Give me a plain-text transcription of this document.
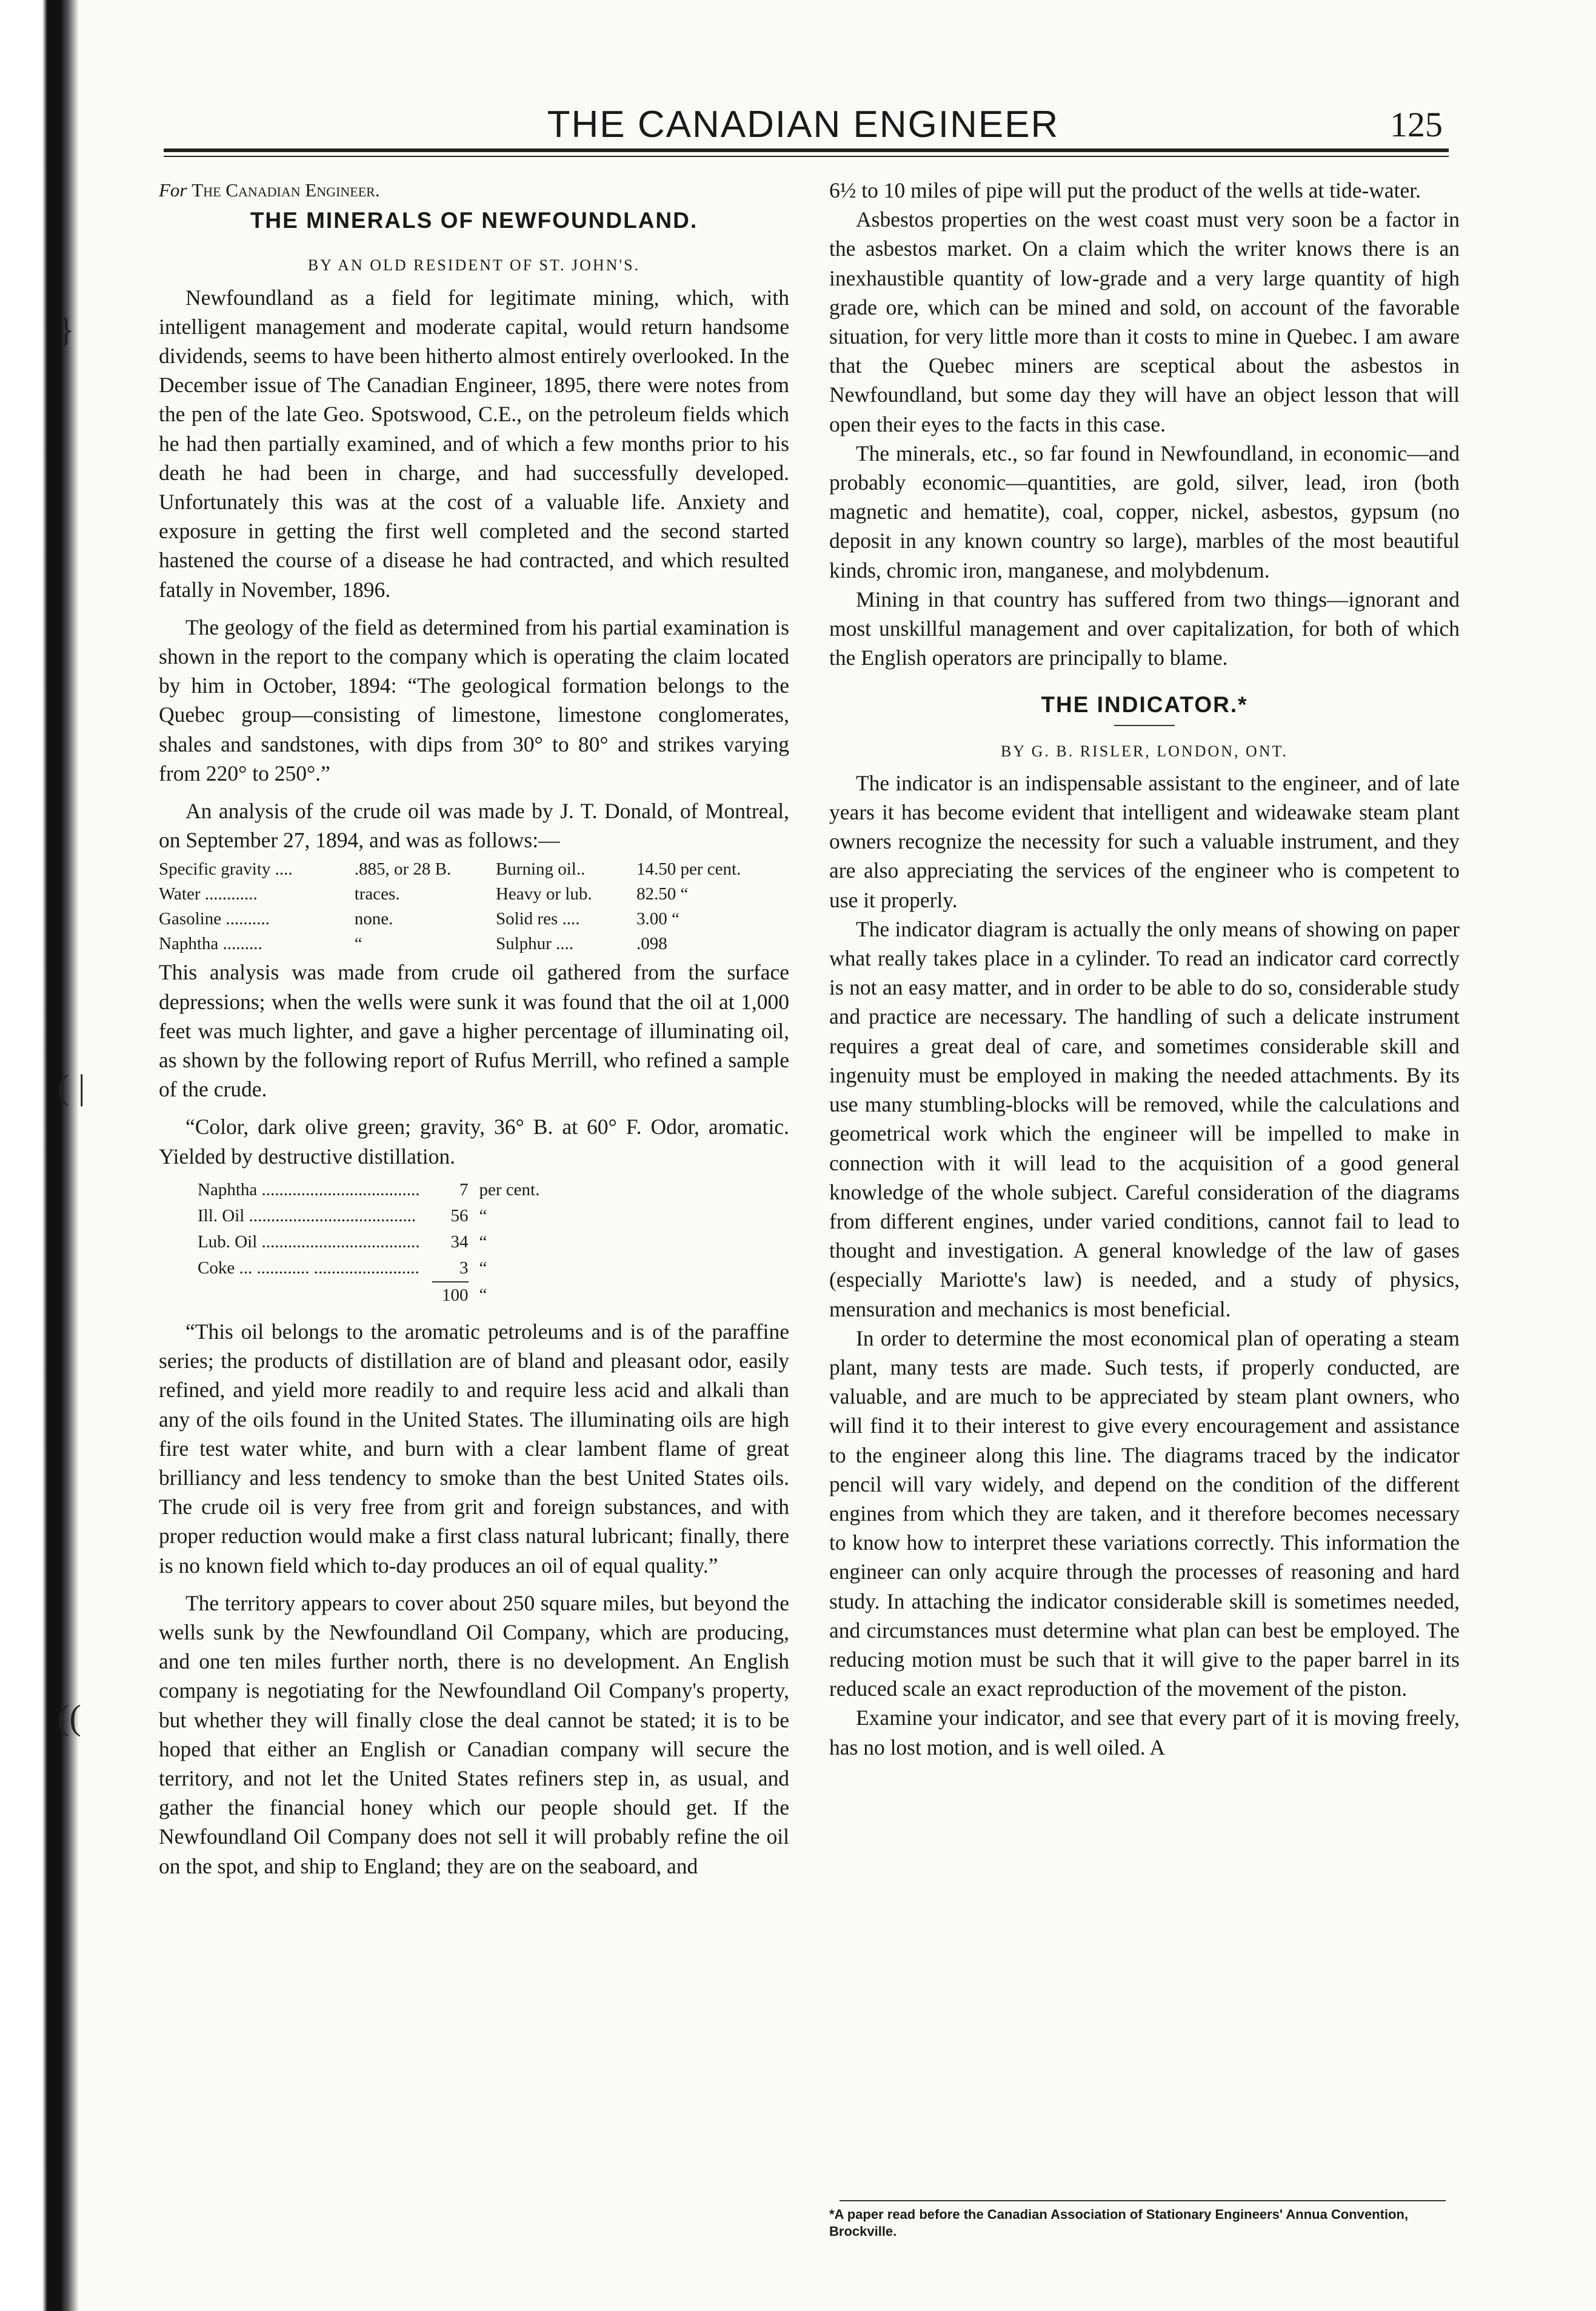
}
( |
((
THE CANADIAN ENGINEER	125

For The Canadian Engineer.

THE MINERALS OF NEWFOUNDLAND.

BY AN OLD RESIDENT OF ST. JOHN'S.

Newfoundland as a field for legitimate mining, which, with intelligent management and moderate capital, would return handsome dividends, seems to have been hitherto almost entirely overlooked. In the December issue of The Canadian Engineer, 1895, there were notes from the pen of the late Geo. Spotswood, C.E., on the petroleum fields which he had then partially examined, and of which a few months prior to his death he had been in charge, and had successfully developed. Unfortunately this was at the cost of a valuable life. Anxiety and exposure in getting the first well completed and the second started hastened the course of a disease he had contracted, and which resulted fatally in November, 1896.

The geology of the field as determined from his partial examination is shown in the report to the company which is operating the claim located by him in October, 1894: “The geological formation belongs to the Quebec group—consisting of limestone, limestone conglomerates, shales and sandstones, with dips from 30° to 80° and strikes varying from 220° to 250°.”

An analysis of the crude oil was made by J. T. Donald, of Montreal, on September 27, 1894, and was as follows:—

Specific gravity ....	.885, or 28 B.	Burning oil..	14.50 per cent.
Water ............	traces.	Heavy or lub.	82.50 “
Gasoline ..........	none.	Solid res ....	3.00 “
Naphtha .........	“	Sulphur ....	.098

This analysis was made from crude oil gathered from the surface depressions; when the wells were sunk it was found that the oil at 1,000 feet was much lighter, and gave a higher percentage of illuminating oil, as shown by the following report of Rufus Merrill, who refined a sample of the crude.

“Color, dark olive green; gravity, 36° B. at 60° F. Odor, aromatic. Yielded by destructive distillation.

Naphtha ....................................	7	per cent.
Ill. Oil ......................................	56	“
Lub. Oil ....................................	34	“
Coke ... ............ ........................	3	“
	100	“

“This oil belongs to the aromatic petroleums and is of the paraffine series; the products of distillation are of bland and pleasant odor, easily refined, and yield more readily to and require less acid and alkali than any of the oils found in the United States. The illuminating oils are high fire test water white, and burn with a clear lambent flame of great brilliancy and less tendency to smoke than the best United States oils. The crude oil is very free from grit and foreign substances, and with proper reduction would make a first class natural lubricant; finally, there is no known field which to-day produces an oil of equal quality.”

The territory appears to cover about 250 square miles, but beyond the wells sunk by the Newfoundland Oil Company, which are producing, and one ten miles further north, there is no development. An English company is negotiating for the Newfoundland Oil Company's property, but whether they will finally close the deal cannot be stated; it is to be hoped that either an English or Canadian company will secure the territory, and not let the United States refiners step in, as usual, and gather the financial honey which our people should get. If the Newfoundland Oil Company does not sell it will probably refine the oil on the spot, and ship to England; they are on the seaboard, and

6½ to 10 miles of pipe will put the product of the wells at tide-water.

Asbestos properties on the west coast must very soon be a factor in the asbestos market. On a claim which the writer knows there is an inexhaustible quantity of low-grade and a very large quantity of high grade ore, which can be mined and sold, on account of the favorable situation, for very little more than it costs to mine in Quebec. I am aware that the Quebec miners are sceptical about the asbestos in Newfoundland, but some day they will have an object lesson that will open their eyes to the facts in this case.

The minerals, etc., so far found in Newfoundland, in economic—and probably economic—quantities, are gold, silver, lead, iron (both magnetic and hematite), coal, copper, nickel, asbestos, gypsum (no deposit in any known country so large), marbles of the most beautiful kinds, chromic iron, manganese, and molybdenum.

Mining in that country has suffered from two things—ignorant and most unskillful management and over capitalization, for both of which the English operators are principally to blame.

THE INDICATOR.*

BY G. B. RISLER, LONDON, ONT.

The indicator is an indispensable assistant to the engineer, and of late years it has become evident that intelligent and wideawake steam plant owners recognize the necessity for such a valuable instrument, and they are also appreciating the services of the engineer who is competent to use it properly.

The indicator diagram is actually the only means of showing on paper what really takes place in a cylinder. To read an indicator card correctly is not an easy matter, and in order to be able to do so, considerable study and practice are necessary. The handling of such a delicate instrument requires a great deal of care, and sometimes considerable skill and ingenuity must be employed in making the needed attachments. By its use many stumbling-blocks will be removed, while the calculations and geometrical work which the engineer will be impelled to make in connection with it will lead to the acquisition of a good general knowledge of the whole subject. Careful consideration of the diagrams from different engines, under varied conditions, cannot fail to lead to thought and investigation. A general knowledge of the law of gases (especially Mariotte's law) is needed, and a study of physics, mensuration and mechanics is most beneficial.

In order to determine the most economical plan of operating a steam plant, many tests are made. Such tests, if properly conducted, are valuable, and are much to be appreciated by steam plant owners, who will find it to their interest to give every encouragement and assistance to the engineer along this line. The diagrams traced by the indicator pencil will vary widely, and depend on the condition of the different engines from which they are taken, and it therefore becomes necessary to know how to interpret these variations correctly. This information the engineer can only acquire through the processes of reasoning and hard study. In attaching the indicator considerable skill is sometimes needed, and circumstances must determine what plan can best be employed. The reducing motion must be such that it will give to the paper barrel in its reduced scale an exact reproduction of the movement of the piston.

Examine your indicator, and see that every part of it is moving freely, has no lost motion, and is well oiled. A

*A paper read before the Canadian Association of Stationary Engineers' Annua Convention, Brockville.
